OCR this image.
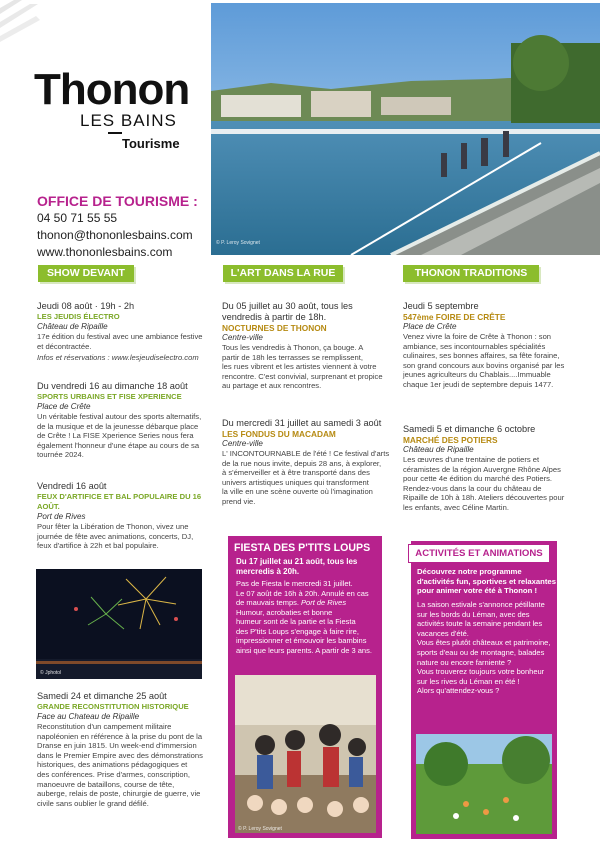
Thonon
LES BAINS
Tourisme
OFFICE DE TOURISME :
04 50 71 55 55
thonon@thononlesbains.com
www.thononlesbains.com
© P. Leroy Sovignet
SHOW DEVANT
Jeudi 08 août · 19h - 2h
LES JEUDIS ÉLECTRO
Château de Ripaille
17e édition du festival avec une ambiance festive
et décontractée.
Infos et réservations : www.lesjeudiselectro.com
Du vendredi 16 au dimanche 18 août
SPORTS URBAINS ET FISE XPERIENCE
Place de Crête
Un véritable festival autour des sports alternatifs,
de la musique et de la jeunesse débarque place
de Crête ! La FISE Xperience Series nous fera
également l'honneur d'une étape au cours de sa
tournée 2024.
Vendredi 16 août
FEUX D'ARTIFICE ET BAL POPULAIRE DU 16 AOÛT.
Port de Rives
Pour fêter la Libération de Thonon, vivez une
journée de fête avec animations, concerts, DJ,
feux d'artifice à 22h et bal populaire.
© Jphotol
Samedi 24 et dimanche 25 août
GRANDE RECONSTITUTION HISTORIQUE
Face au Chateau de Ripaille
Reconstitution d'un campement militaire
napoléonien en référence à la prise du pont de la
Dranse en juin 1815. Un week-end d'immersion
dans le Premier Empire avec des démonstrations
historiques, des animations pédagogiques et
des conférences. Prise d'armes, conscription,
manoeuvre de bataillons, course de tête,
auberge, relais de poste, chirurgie de guerre, vie
civile sans oublier le grand défilé.
L'ART DANS LA RUE
Du 05 juillet au 30 août, tous les vendredis à partir de 18h.
NOCTURNES DE THONON
Centre-ville
Tous les vendredis à Thonon, ça bouge. A
partir de 18h les terrasses se remplissent,
les rues vibrent et les artistes viennent à votre
rencontre. C'est convivial, surprenant et propice
au partage et aux rencontres.
Du mercredi 31 juillet au samedi 3 août
LES FONDUS DU MACADAM
Centre-ville
L' INCONTOURNABLE de l'été ! Ce festival d'arts
de la rue nous invite, depuis 28 ans, à explorer,
à s'émerveiller et à être transporté dans des
univers artistiques uniques qui transforment
la ville en une scène ouverte où l'imagination
prend vie.
FIESTA DES P'TITS LOUPS
Du 17 juillet au 21 août, tous les
mercredis à 20h.
Pas de Fiesta le mercredi 31 juillet.
Le 07 août de 16h à 20h. Annulé en cas
de mauvais temps. Port de Rives
Humour, acrobaties et bonne
humeur sont de la partie et la Fiesta
des P'tits Loups s'engage à faire rire,
impressionner et émouvoir les bambins
ainsi que leurs parents. A partir de 3 ans.
© P. Leroy Sovignet
THONON TRADITIONS
Jeudi 5 septembre
547ème FOIRE DE CRÊTE
Place de Crête
Venez vivre la foire de Crête à Thonon : son
ambiance, ses incontournables spécialités
culinaires, ses bonnes affaires, sa fête foraine,
son grand concours aux bovins organisé par les
jeunes agriculteurs du Chablais....Immuable
chaque 1er jeudi de septembre depuis 1477.
Samedi 5 et dimanche 6 octobre
MARCHÉ DES POTIERS
Château de Ripaille
Les œuvres d'une trentaine de potiers et
céramistes de la région Auvergne Rhône Alpes
pour cette 4e édition du marché des Potiers.
Rendez-vous dans la cour du château de
Ripaille de 10h à 18h. Ateliers découvertes pour
les enfants, avec Céline Martin.
ACTIVITÉS ET ANIMATIONS
Découvrez notre programme
d'activités fun, sportives et relaxantes
pour animer votre été à Thonon !
La saison estivale s'annonce pétillante
sur les bords du Léman, avec des
activités toute la semaine pendant les
vacances d'été.
Vous êtes plutôt châteaux et patrimoine,
sports d'eau ou de montagne, balades
nature ou encore farniente ?
Vous trouverez toujours votre bonheur
sur les rives du Léman en été !
Alors qu'attendez-vous ?
